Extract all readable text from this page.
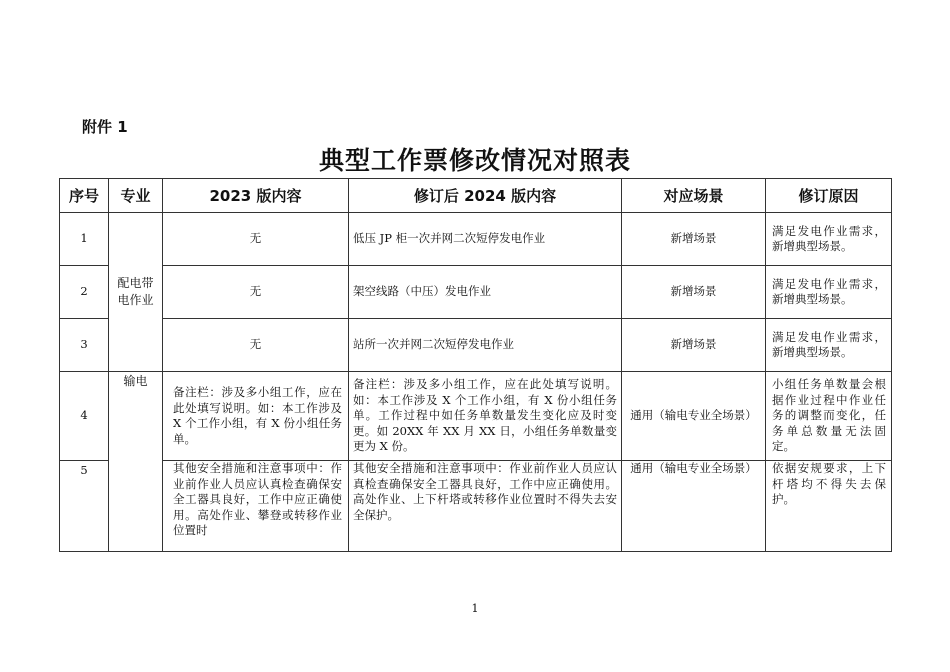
附件 1
典型工作票修改情况对照表
序号	专业	2023 版内容	修订后 2024 版内容	对应场景	修订原因
1	配电带电作业	无	低压 JP 柜一次并网二次短停发电作业	新增场景	满足发电作业需求，新增典型场景。
2		无	架空线路（中压）发电作业	新增场景	满足发电作业需求，新增典型场景。
3		无	站所一次并网二次短停发电作业	新增场景	满足发电作业需求，新增典型场景。
4	输电	备注栏：涉及多小组工作，应在此处填写说明。如：本工作涉及 X 个工作小组，有 X 份小组任务单。	备注栏：涉及多小组工作，应在此处填写说明。如：本工作涉及 X 个工作小组，有 X 份小组任务单。工作过程中如任务单数量发生变化应及时变更。如 20XX 年 XX 月 XX 日，小组任务单数量变更为 X 份。	通用（输电专业全场景）	小组任务单数量会根据作业过程中作业任务的调整而变化，任务单总数量无法固定。
5		其他安全措施和注意事项中：作业前作业人员应认真检查确保安全工器具良好，工作中应正确使用。高处作业、攀登或转移作业位置时	其他安全措施和注意事项中：作业前作业人员应认真检查确保安全工器具良好，工作中应正确使用。高处作业、上下杆塔或转移作业位置时不得失去安全保护。	通用（输电专业全场景）	依据安规要求，上下杆塔均不得失去保护。
1
